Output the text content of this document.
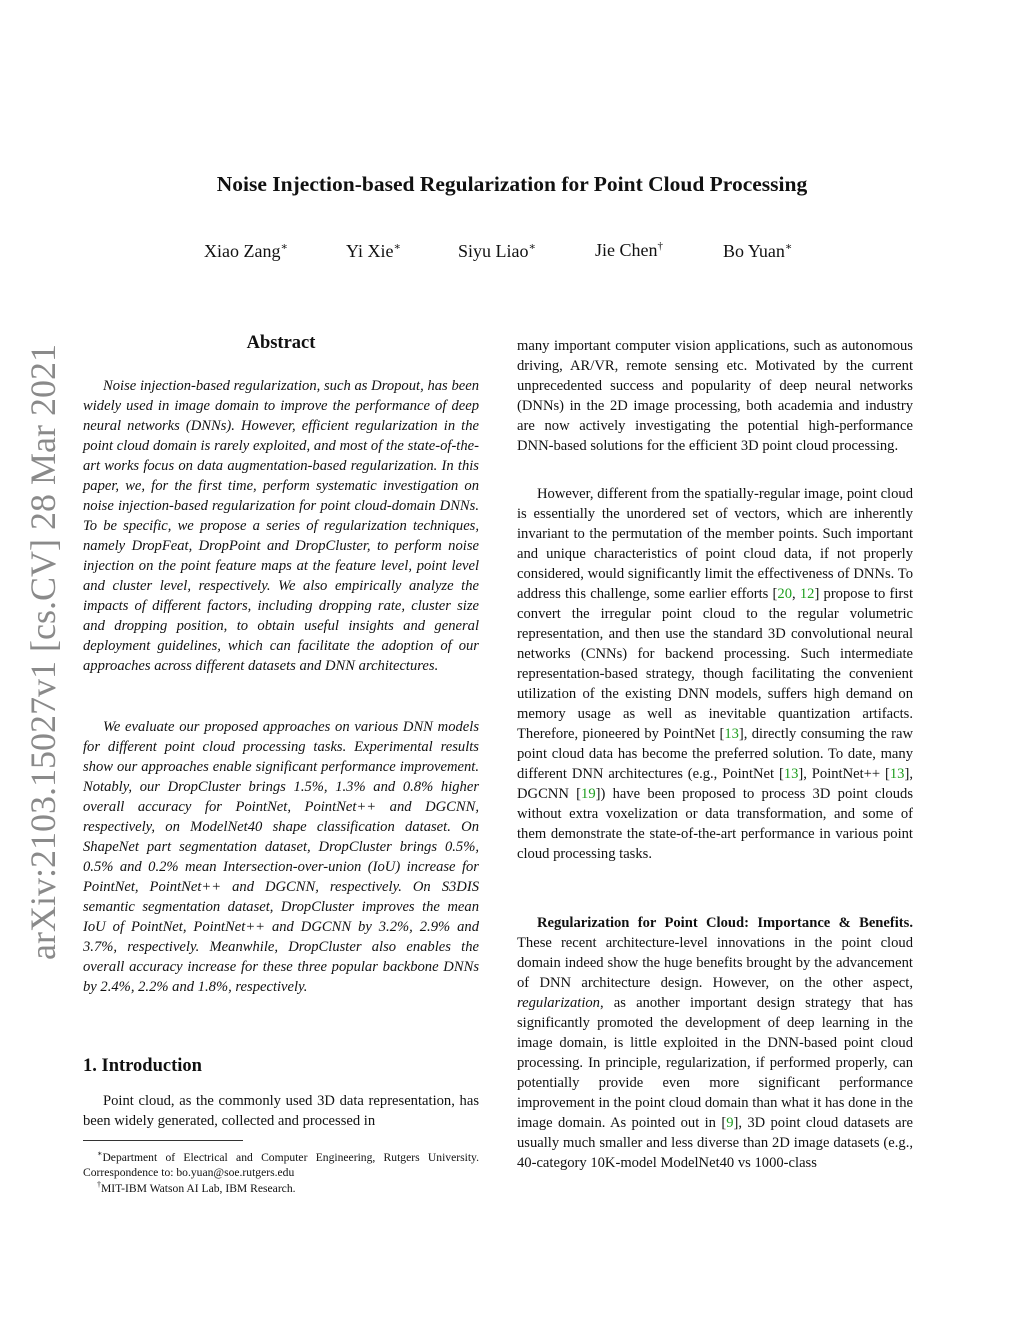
arXiv:2103.15027v1 [cs.CV] 28 Mar 2021
Noise Injection-based Regularization for Point Cloud Processing
Xiao Zang∗	Yi Xie∗	Siyu Liao∗	Jie Chen†	Bo Yuan∗
Abstract

Noise injection-based regularization, such as Dropout, has been widely used in image domain to improve the performance of deep neural networks (DNNs). However, efficient regularization in the point cloud domain is rarely exploited, and most of the state-of-the-art works focus on data augmentation-based regularization. In this paper, we, for the first time, perform systematic investigation on noise injection-based regularization for point cloud-domain DNNs. To be specific, we propose a series of regularization techniques, namely DropFeat, DropPoint and DropCluster, to perform noise injection on the point feature maps at the feature level, point level and cluster level, respectively. We also empirically analyze the impacts of different factors, including dropping rate, cluster size and dropping position, to obtain useful insights and general deployment guidelines, which can facilitate the adoption of our approaches across different datasets and DNN architectures.

We evaluate our proposed approaches on various DNN models for different point cloud processing tasks. Experimental results show our approaches enable significant performance improvement. Notably, our DropCluster brings 1.5%, 1.3% and 0.8% higher overall accuracy for PointNet, PointNet++ and DGCNN, respectively, on ModelNet40 shape classification dataset. On ShapeNet part segmentation dataset, DropCluster brings 0.5%, 0.5% and 0.2% mean Intersection-over-union (IoU) increase for PointNet, PointNet++ and DGCNN, respectively. On S3DIS semantic segmentation dataset, DropCluster improves the mean IoU of PointNet, PointNet++ and DGCNN by 3.2%, 2.9% and 3.7%, respectively. Meanwhile, DropCluster also enables the overall accuracy increase for these three popular backbone DNNs by 2.4%, 2.2% and 1.8%, respectively.

1. Introduction

Point cloud, as the commonly used 3D data representation, has been widely generated, collected and processed in

∗Department of Electrical and Computer Engineering, Rutgers University. Correspondence to: bo.yuan@soe.rutgers.edu

†MIT-IBM Watson AI Lab, IBM Research.

many important computer vision applications, such as autonomous driving, AR/VR, remote sensing etc. Motivated by the current unprecedented success and popularity of deep neural networks (DNNs) in the 2D image processing, both academia and industry are now actively investigating the potential high-performance DNN-based solutions for the efficient 3D point cloud processing.

However, different from the spatially-regular image, point cloud is essentially the unordered set of vectors, which are inherently invariant to the permutation of the member points. Such important and unique characteristics of point cloud data, if not properly considered, would significantly limit the effectiveness of DNNs. To address this challenge, some earlier efforts [20, 12] propose to first convert the irregular point cloud to the regular volumetric representation, and then use the standard 3D convolutional neural networks (CNNs) for backend processing. Such intermediate representation-based strategy, though facilitating the convenient utilization of the existing DNN models, suffers high demand on memory usage as well as inevitable quantization artifacts. Therefore, pioneered by PointNet [13], directly consuming the raw point cloud data has become the preferred solution. To date, many different DNN architectures (e.g., PointNet [13], PointNet++ [13], DGCNN [19]) have been proposed to process 3D point clouds without extra voxelization or data transformation, and some of them demonstrate the state-of-the-art performance in various point cloud processing tasks.

Regularization for Point Cloud: Importance & Benefits. These recent architecture-level innovations in the point cloud domain indeed show the huge benefits brought by the advancement of DNN architecture design. However, on the other aspect, regularization, as another important design strategy that has significantly promoted the development of deep learning in the image domain, is little exploited in the DNN-based point cloud processing. In principle, regularization, if performed properly, can potentially provide even more significant performance improvement in the point cloud domain than what it has done in the image domain. As pointed out in [9], 3D point cloud datasets are usually much smaller and less diverse than 2D image datasets (e.g., 40-category 10K-model ModelNet40 vs 1000-class
